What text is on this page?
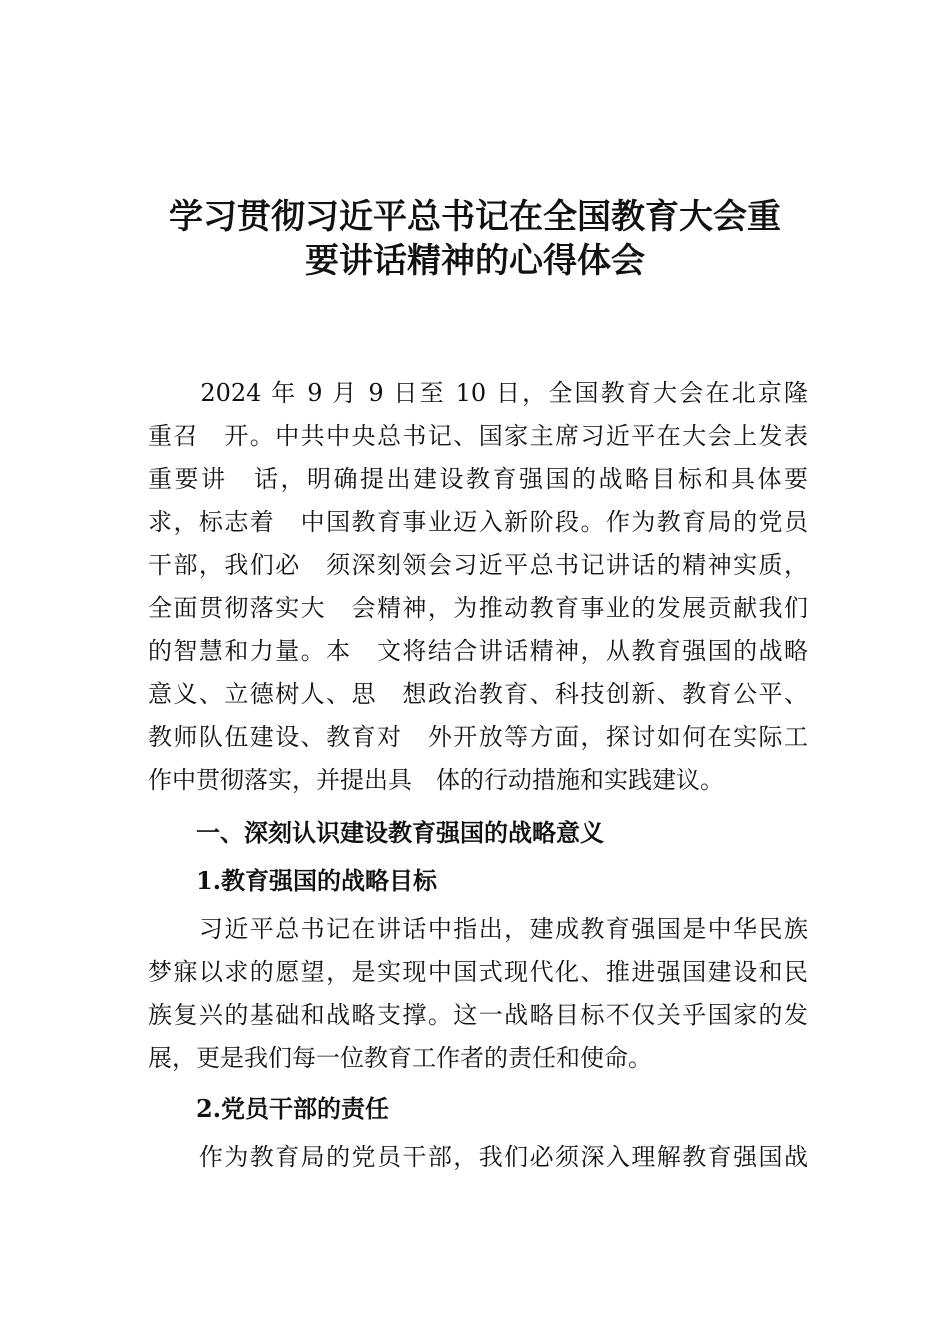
学习贯彻习近平总书记在全国教育大会重
要讲话精神的心得体会

　　2024 年 9 月 9 日至 10 日，全国教育大会在北京隆

重召　开。中共中央总书记、国家主席习近平在大会上发表

重要讲　话，明确提出建设教育强国的战略目标和具体要

求，标志着　中国教育事业迈入新阶段。作为教育局的党员

干部，我们必　须深刻领会习近平总书记讲话的精神实质，

全面贯彻落实大　会精神，为推动教育事业的发展贡献我们

的智慧和力量。本　文将结合讲话精神，从教育强国的战略

意义、立德树人、思　想政治教育、科技创新、教育公平、

教师队伍建设、教育对　外开放等方面，探讨如何在实际工

作中贯彻落实，并提出具　体的行动措施和实践建议。

一、深刻认识建设教育强国的战略意义
1.教育强国的战略目标

　　习近平总书记在讲话中指出，建成教育强国是中华民族

梦寐以求的愿望，是实现中国式现代化、推进强国建设和民

族复兴的基础和战略支撑。这一战略目标不仅关乎国家的发

展，更是我们每一位教育工作者的责任和使命。

2.党员干部的责任

　　作为教育局的党员干部，我们必须深入理解教育强国战
